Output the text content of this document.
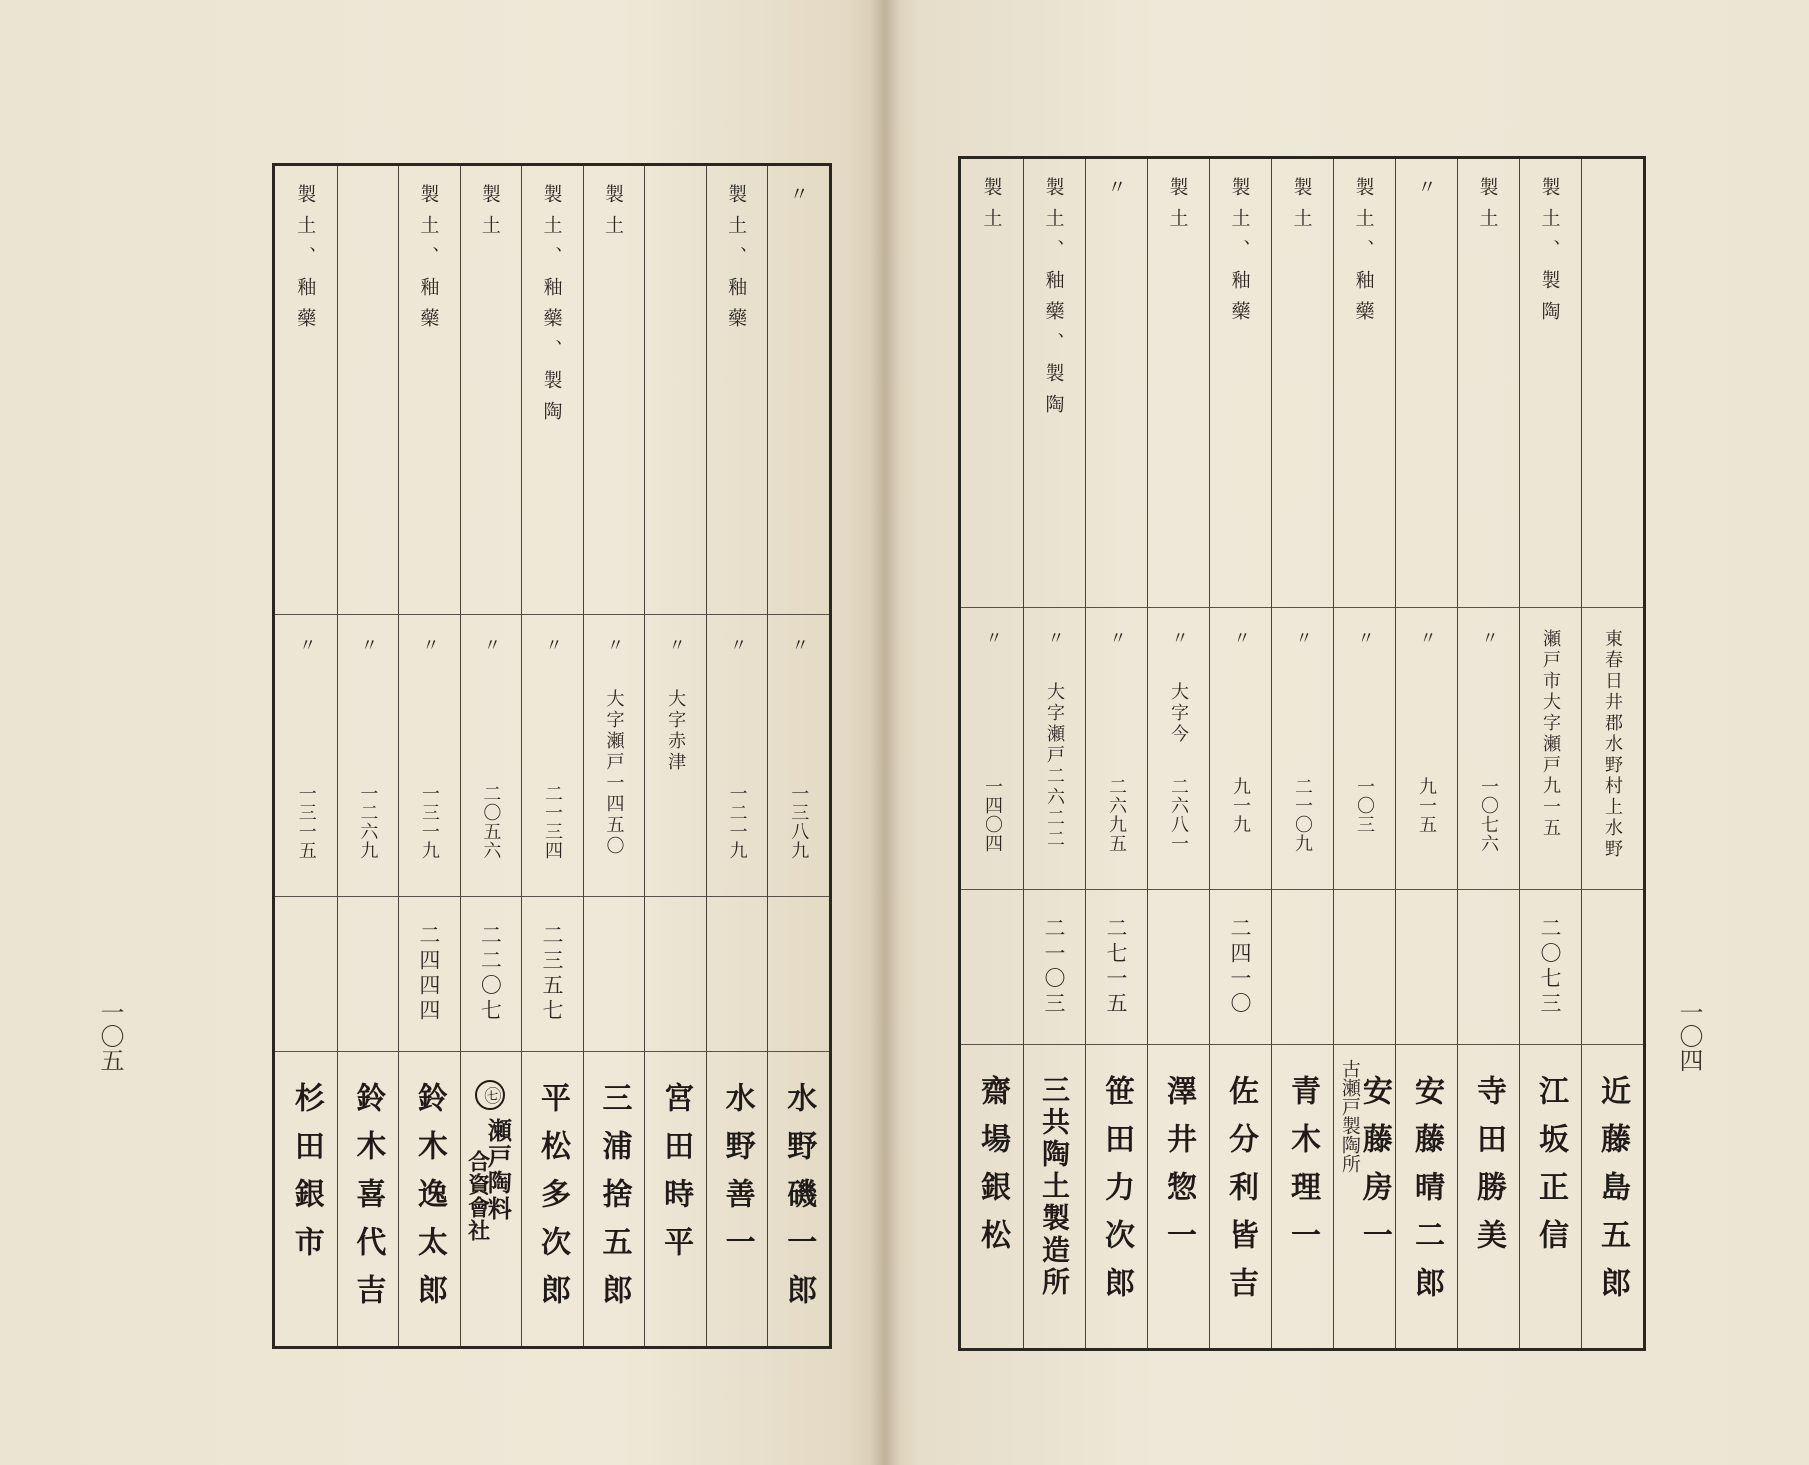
一〇五	一〇四
〃
〃
一三八九
水野磯一郎
製土、釉藥
〃
一二一九
水野善一
〃
大字赤津
宮田時平
製土
〃
大字瀬戸一四五〇
三浦捨五郎
製土、釉藥、製陶
〃
二一三四
二三五七
平松多次郎
製土
〃
二〇五六
二二〇七
㊆
瀬戸陶料
合資會社
製土、釉藥
〃
一三一九
二四四四
鈴木逸太郎
〃
一二六九
鈴木喜代吉
製土、釉藥
〃
一三一五
杉田銀市
東春日井郡水野村上水野
近藤島五郎
製土、製陶
瀬戸市大字瀬戸九一五
二〇七三
江坂正信
製土
〃
一〇七六
寺田勝美
〃
〃
九一五
安藤晴二郎
製土、釉藥
〃
一〇三
古瀬戸製陶所
安藤房一
製土
〃
二一〇九
青木理一
製土、釉藥
〃
九一九
二四一〇
佐分利皆吉
製土
〃
大字今
二六八一
澤井惣一
〃
〃
二六九五
二七一五
笹田力次郎
製土、釉藥、製陶
〃
大字瀬戸二六二二
二一〇三
三共陶土製造所
製土
〃
一四〇四
齋場銀松
